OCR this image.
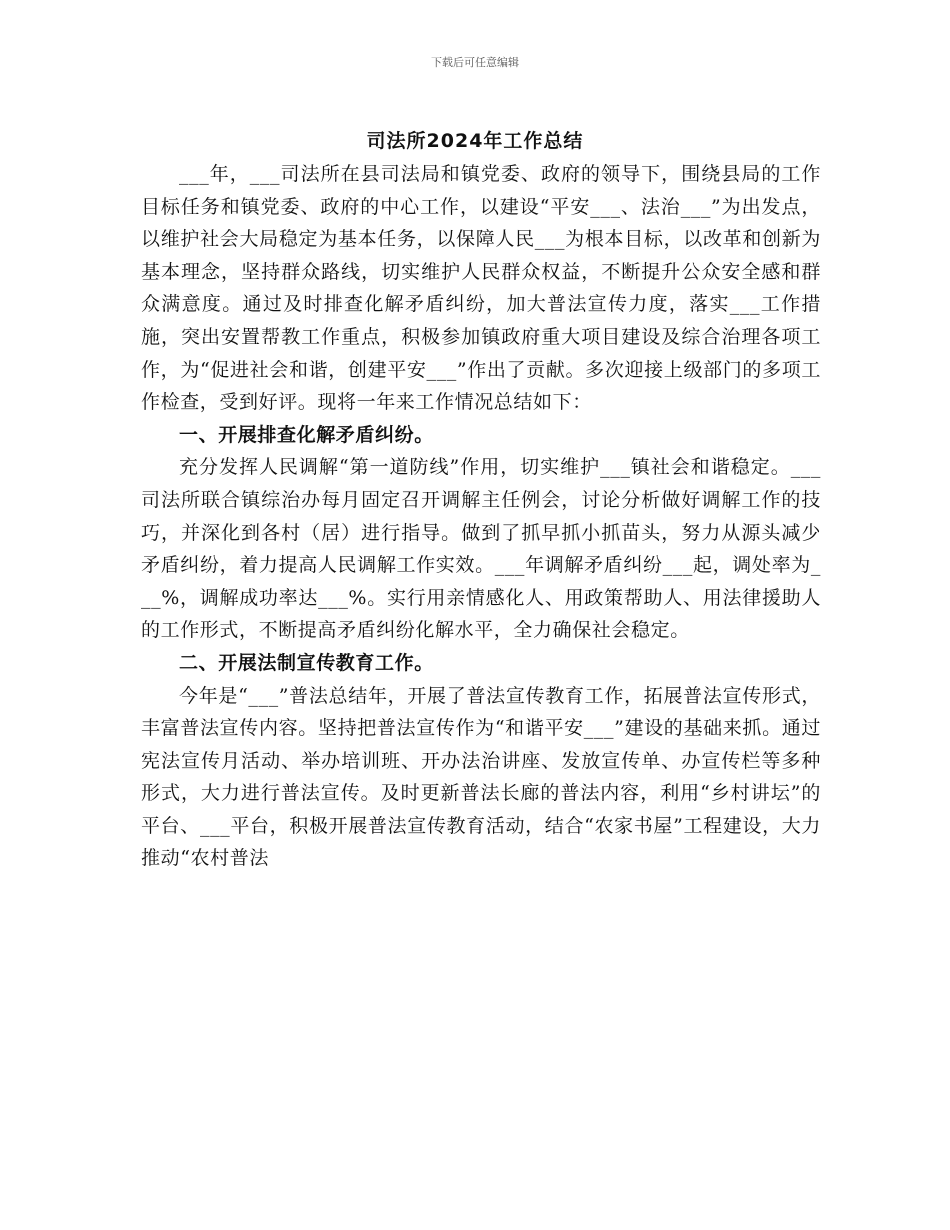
下载后可任意编辑
司法所2024年工作总结

___年，___司法所在县司法局和镇党委、政府的领导下，围绕县局的工作目标任务和镇党委、政府的中心工作，以建设“平安___、法治___”为出发点，以维护社会大局稳定为基本任务，以保障人民___为根本目标，以改革和创新为基本理念，坚持群众路线，切实维护人民群众权益，不断提升公众安全感和群众满意度。通过及时排查化解矛盾纠纷，加大普法宣传力度，落实___工作措施，突出安置帮教工作重点，积极参加镇政府重大项目建设及综合治理各项工作，为“促进社会和谐，创建平安___”作出了贡献。多次迎接上级部门的多项工作检查，受到好评。现将一年来工作情况总结如下：

一、开展排查化解矛盾纠纷。

充分发挥人民调解“第一道防线”作用，切实维护___镇社会和谐稳定。___司法所联合镇综治办每月固定召开调解主任例会，讨论分析做好调解工作的技巧，并深化到各村（居）进行指导。做到了抓早抓小抓苗头，努力从源头减少矛盾纠纷，着力提高人民调解工作实效。___年调解矛盾纠纷___起，调处率为___%，调解成功率达___%。实行用亲情感化人、用政策帮助人、用法律援助人的工作形式，不断提高矛盾纠纷化解水平，全力确保社会稳定。

二、开展法制宣传教育工作。

今年是“___”普法总结年，开展了普法宣传教育工作，拓展普法宣传形式，丰富普法宣传内容。坚持把普法宣传作为“和谐平安___”建设的基础来抓。通过宪法宣传月活动、举办培训班、开办法治讲座、发放宣传单、办宣传栏等多种形式，大力进行普法宣传。及时更新普法长廊的普法内容，利用“乡村讲坛”的平台、___平台，积极开展普法宣传教育活动，结合“农家书屋”工程建设，大力推动“农村普法
